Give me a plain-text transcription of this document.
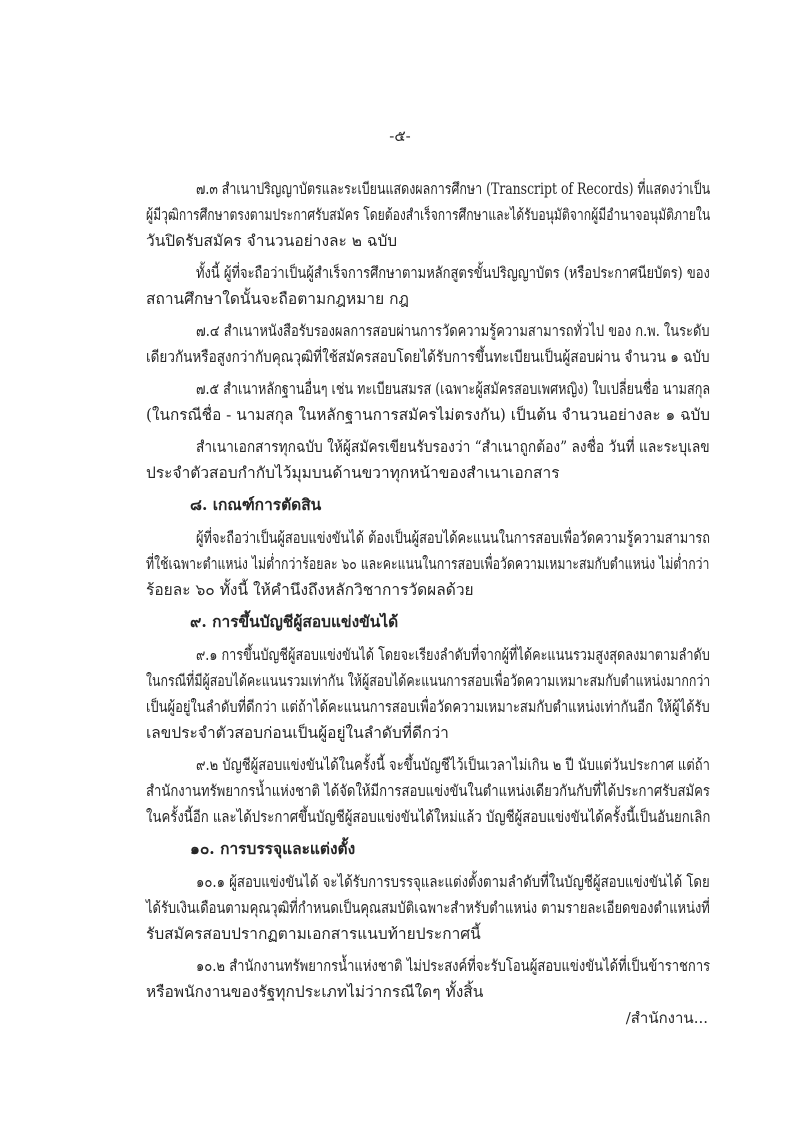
-๕-
๗.๓ สำเนาปริญญาบัตรและระเบียนแสดงผลการศึกษา (Transcript of Records) ที่แสดงว่าเป็น
ผู้มีวุฒิการศึกษาตรงตามประกาศรับสมัคร โดยต้องสำเร็จการศึกษาและได้รับอนุมัติจากผู้มีอำนาจอนุมัติภายใน
วันปิดรับสมัคร จำนวนอย่างละ ๒ ฉบับ
ทั้งนี้ ผู้ที่จะถือว่าเป็นผู้สำเร็จการศึกษาตามหลักสูตรขั้นปริญญาบัตร (หรือประกาศนียบัตร) ของ
สถานศึกษาใดนั้นจะถือตามกฎหมาย กฎ
๗.๔ สำเนาหนังสือรับรองผลการสอบผ่านการวัดความรู้ความสามารถทั่วไป ของ ก.พ. ในระดับ
เดียวกันหรือสูงกว่ากับคุณวุฒิที่ใช้สมัครสอบโดยได้รับการขึ้นทะเบียนเป็นผู้สอบผ่าน จำนวน ๑ ฉบับ
๗.๕ สำเนาหลักฐานอื่นๆ เช่น ทะเบียนสมรส (เฉพาะผู้สมัครสอบเพศหญิง) ใบเปลี่ยนชื่อ นามสกุล
(ในกรณีชื่อ - นามสกุล ในหลักฐานการสมัครไม่ตรงกัน) เป็นต้น จำนวนอย่างละ ๑ ฉบับ
สำเนาเอกสารทุกฉบับ ให้ผู้สมัครเขียนรับรองว่า “สำเนาถูกต้อง” ลงชื่อ วันที่ และระบุเลข
ประจำตัวสอบกำกับไว้มุมบนด้านขวาทุกหน้าของสำเนาเอกสาร
๘. เกณฑ์การตัดสิน
ผู้ที่จะถือว่าเป็นผู้สอบแข่งขันได้ ต้องเป็นผู้สอบได้คะแนนในการสอบเพื่อวัดความรู้ความสามารถ
ที่ใช้เฉพาะตำแหน่ง ไม่ต่ำกว่าร้อยละ ๖๐ และคะแนนในการสอบเพื่อวัดความเหมาะสมกับตำแหน่ง ไม่ต่ำกว่า
ร้อยละ ๖๐ ทั้งนี้ ให้คำนึงถึงหลักวิชาการวัดผลด้วย
๙. การขึ้นบัญชีผู้สอบแข่งขันได้
๙.๑ การขึ้นบัญชีผู้สอบแข่งขันได้ โดยจะเรียงลำดับที่จากผู้ที่ได้คะแนนรวมสูงสุดลงมาตามลำดับ
ในกรณีที่มีผู้สอบได้คะแนนรวมเท่ากัน ให้ผู้สอบได้คะแนนการสอบเพื่อวัดความเหมาะสมกับตำแหน่งมากกว่า
เป็นผู้อยู่ในลำดับที่ดีกว่า แต่ถ้าได้คะแนนการสอบเพื่อวัดความเหมาะสมกับตำแหน่งเท่ากันอีก ให้ผู้ได้รับ
เลขประจำตัวสอบก่อนเป็นผู้อยู่ในลำดับที่ดีกว่า
๙.๒ บัญชีผู้สอบแข่งขันได้ในครั้งนี้ จะขึ้นบัญชีไว้เป็นเวลาไม่เกิน ๒ ปี นับแต่วันประกาศ แต่ถ้า
สำนักงานทรัพยากรน้ำแห่งชาติ ได้จัดให้มีการสอบแข่งขันในตำแหน่งเดียวกันกับที่ได้ประกาศรับสมัคร
ในครั้งนี้อีก และได้ประกาศขึ้นบัญชีผู้สอบแข่งขันได้ใหม่แล้ว บัญชีผู้สอบแข่งขันได้ครั้งนี้เป็นอันยกเลิก
๑๐. การบรรจุและแต่งตั้ง
๑๐.๑ ผู้สอบแข่งขันได้ จะได้รับการบรรจุและแต่งตั้งตามลำดับที่ในบัญชีผู้สอบแข่งขันได้ โดย
ได้รับเงินเดือนตามคุณวุฒิที่กำหนดเป็นคุณสมบัติเฉพาะสำหรับตำแหน่ง ตามรายละเอียดของตำแหน่งที่
รับสมัครสอบปรากฏตามเอกสารแนบท้ายประกาศนี้
๑๐.๒ สำนักงานทรัพยากรน้ำแห่งชาติ ไม่ประสงค์ที่จะรับโอนผู้สอบแข่งขันได้ที่เป็นข้าราชการ
หรือพนักงานของรัฐทุกประเภทไม่ว่ากรณีใดๆ ทั้งสิ้น
/สำนักงาน...
